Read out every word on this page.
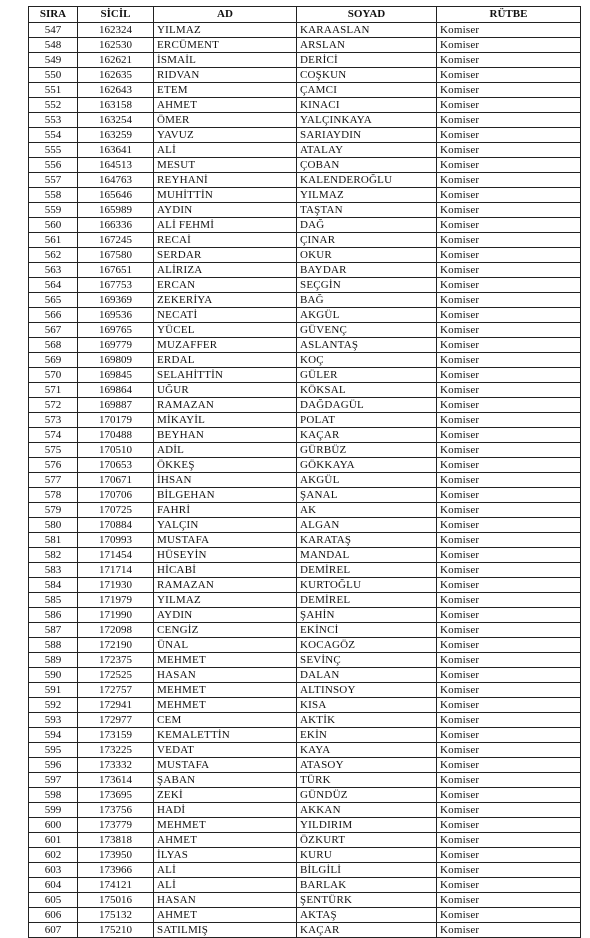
SIRA	SİCİL	AD	SOYAD	RÜTBE
547	162324	YILMAZ	KARAASLAN	Komiser
548	162530	ERCÜMENT	ARSLAN	Komiser
549	162621	İSMAİL	DERİCİ	Komiser
550	162635	RIDVAN	COŞKUN	Komiser
551	162643	ETEM	ÇAMCI	Komiser
552	163158	AHMET	KINACI	Komiser
553	163254	ÖMER	YALÇINKAYA	Komiser
554	163259	YAVUZ	SARIAYDIN	Komiser
555	163641	ALİ	ATALAY	Komiser
556	164513	MESUT	ÇOBAN	Komiser
557	164763	REYHANİ	KALENDEROĞLU	Komiser
558	165646	MUHİTTİN	YILMAZ	Komiser
559	165989	AYDIN	TAŞTAN	Komiser
560	166336	ALİ FEHMİ	DAĞ	Komiser
561	167245	RECAİ	ÇINAR	Komiser
562	167580	SERDAR	OKUR	Komiser
563	167651	ALİRIZA	BAYDAR	Komiser
564	167753	ERCAN	SEÇGİN	Komiser
565	169369	ZEKERİYA	BAĞ	Komiser
566	169536	NECATİ	AKGÜL	Komiser
567	169765	YÜCEL	GÜVENÇ	Komiser
568	169779	MUZAFFER	ASLANTAŞ	Komiser
569	169809	ERDAL	KOÇ	Komiser
570	169845	SELAHİTTİN	GÜLER	Komiser
571	169864	UĞUR	KÖKSAL	Komiser
572	169887	RAMAZAN	DAĞDAGÜL	Komiser
573	170179	MİKAYİL	POLAT	Komiser
574	170488	BEYHAN	KAÇAR	Komiser
575	170510	ADİL	GÜRBÜZ	Komiser
576	170653	ÖKKEŞ	GÖKKAYA	Komiser
577	170671	İHSAN	AKGÜL	Komiser
578	170706	BİLGEHAN	ŞANAL	Komiser
579	170725	FAHRİ	AK	Komiser
580	170884	YALÇIN	ALGAN	Komiser
581	170993	MUSTAFA	KARATAŞ	Komiser
582	171454	HÜSEYİN	MANDAL	Komiser
583	171714	HİCABİ	DEMİREL	Komiser
584	171930	RAMAZAN	KURTOĞLU	Komiser
585	171979	YILMAZ	DEMİREL	Komiser
586	171990	AYDIN	ŞAHİN	Komiser
587	172098	CENGİZ	EKİNCİ	Komiser
588	172190	ÜNAL	KOCAGÖZ	Komiser
589	172375	MEHMET	SEVİNÇ	Komiser
590	172525	HASAN	DALAN	Komiser
591	172757	MEHMET	ALTINSOY	Komiser
592	172941	MEHMET	KISA	Komiser
593	172977	CEM	AKTİK	Komiser
594	173159	KEMALETTİN	EKİN	Komiser
595	173225	VEDAT	KAYA	Komiser
596	173332	MUSTAFA	ATASOY	Komiser
597	173614	ŞABAN	TÜRK	Komiser
598	173695	ZEKİ	GÜNDÜZ	Komiser
599	173756	HADİ	AKKAN	Komiser
600	173779	MEHMET	YILDIRIM	Komiser
601	173818	AHMET	ÖZKURT	Komiser
602	173950	İLYAS	KURU	Komiser
603	173966	ALİ	BİLGİLİ	Komiser
604	174121	ALİ	BARLAK	Komiser
605	175016	HASAN	ŞENTÜRK	Komiser
606	175132	AHMET	AKTAŞ	Komiser
607	175210	SATILMIŞ	KAÇAR	Komiser
